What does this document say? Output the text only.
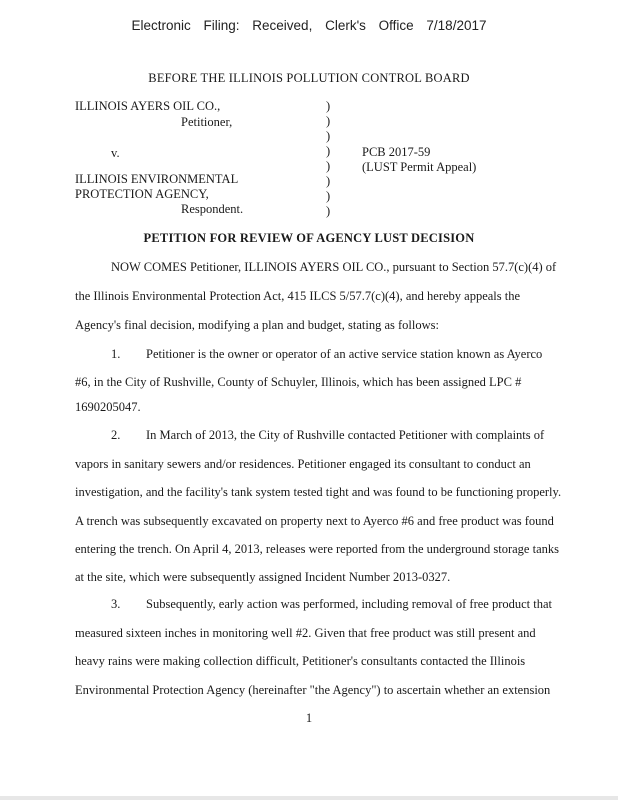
Electronic Filing: Received, Clerk's Office 7/18/2017
BEFORE THE ILLINOIS POLLUTION CONTROL BOARD
ILLINOIS AYERS OIL CO.,
Petitioner,
v.
ILLINOIS ENVIRONMENTAL
PROTECTION AGENCY,
Respondent.
)
)
)
)
)
)
)
)
PCB 2017-59
(LUST Permit Appeal)
PETITION FOR REVIEW OF AGENCY LUST DECISION
NOW COMES Petitioner, ILLINOIS AYERS OIL CO., pursuant to Section 57.7(c)(4) of
the Illinois Environmental Protection Act, 415 ILCS 5/57.7(c)(4), and hereby appeals the
Agency's final decision, modifying a plan and budget, stating as follows:
1. Petitioner is the owner or operator of an active service station known as Ayerco
#6, in the City of Rushville, County of Schuyler, Illinois, which has been assigned LPC #
1690205047.
2. In March of 2013, the City of Rushville contacted Petitioner with complaints of
vapors in sanitary sewers and/or residences. Petitioner engaged its consultant to conduct an
investigation, and the facility's tank system tested tight and was found to be functioning properly.
A trench was subsequently excavated on property next to Ayerco #6 and free product was found
entering the trench. On April 4, 2013, releases were reported from the underground storage tanks
at the site, which were subsequently assigned Incident Number 2013-0327.
3. Subsequently, early action was performed, including removal of free product that
measured sixteen inches in monitoring well #2. Given that free product was still present and
heavy rains were making collection difficult, Petitioner's consultants contacted the Illinois
Environmental Protection Agency (hereinafter "the Agency") to ascertain whether an extension
1
